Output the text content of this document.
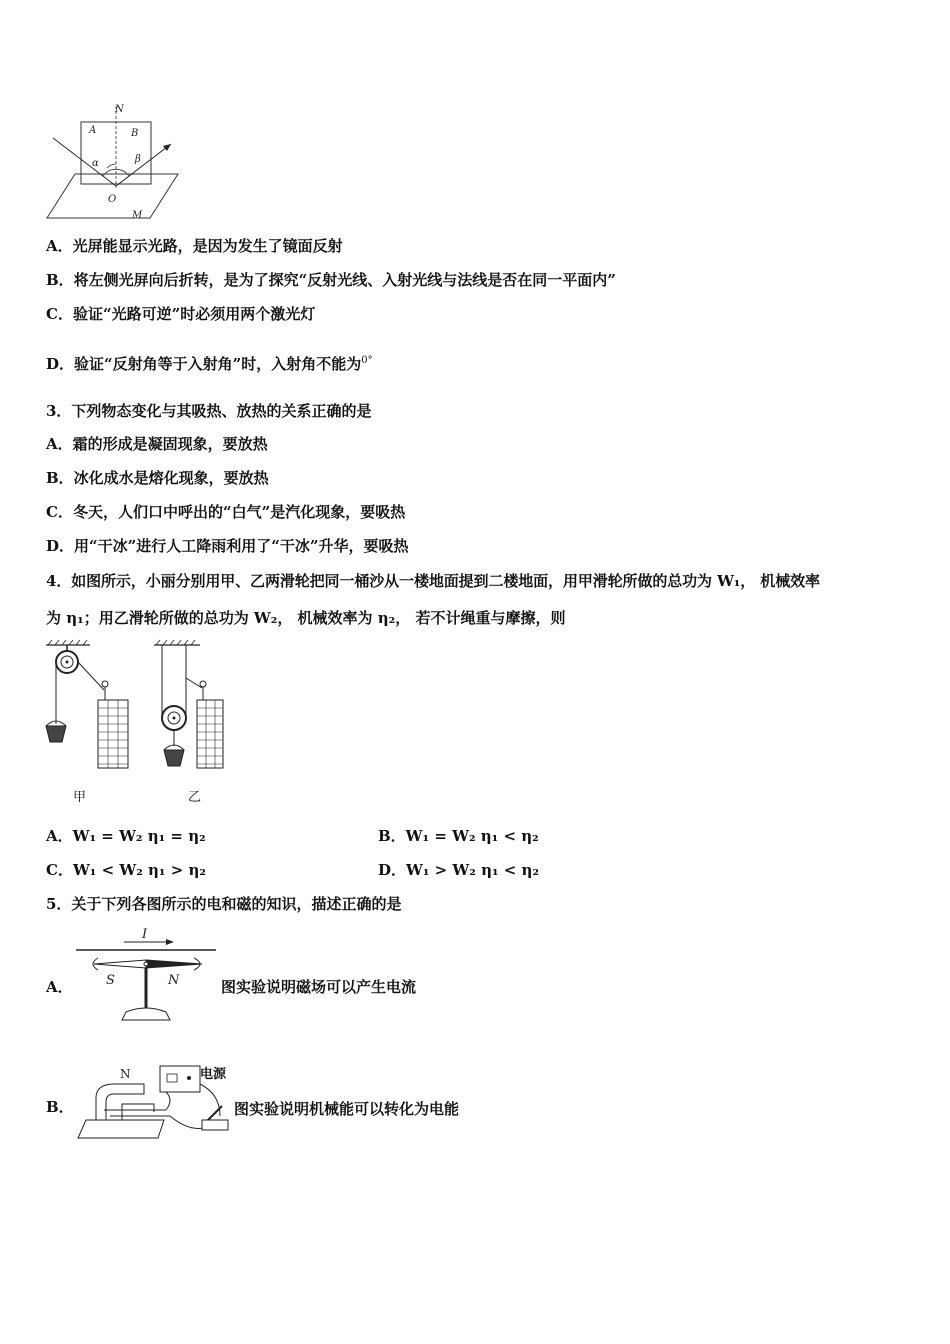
N
A	B
α	β
O
M
A．光屏能显示光路，是因为发生了镜面反射
B．将左侧光屏向后折转，是为了探究“反射光线、入射光线与法线是否在同一平面内”
C．验证“光路可逆”时必须用两个激光灯
D．验证“反射角等于入射角”时，入射角不能为$^{0^\circ}$
3．下列物态变化与其吸热、放热的关系正确的是
A．霜的形成是凝固现象，要放热
B．冰化成水是熔化现象，要放热
C．冬天，人们口中呼出的“白气”是汽化现象，要吸热
D．用“干冰”进行人工降雨利用了“干冰”升华，要吸热
4．如图所示，小丽分别用甲、乙两滑轮把同一桶沙从一楼地面提到二楼地面，用甲滑轮所做的总功为 W₁， 机械效率
为 η₁；用乙滑轮所做的总功为 W₂， 机械效率为 η₂， 若不计绳重与摩擦，则
甲	乙
A．W₁ = W₂ η₁ = η₂	B．W₁ = W₂ η₁ < η₂
C．W₁ < W₂ η₁ > η₂	D．W₁ > W₂ η₁ < η₂
5．关于下列各图所示的电和磁的知识，描述正确的是
A．
I
S	N	图实验说明磁场可以产生电流
B．
N	电源
图实验说明机械能可以转化为电能
